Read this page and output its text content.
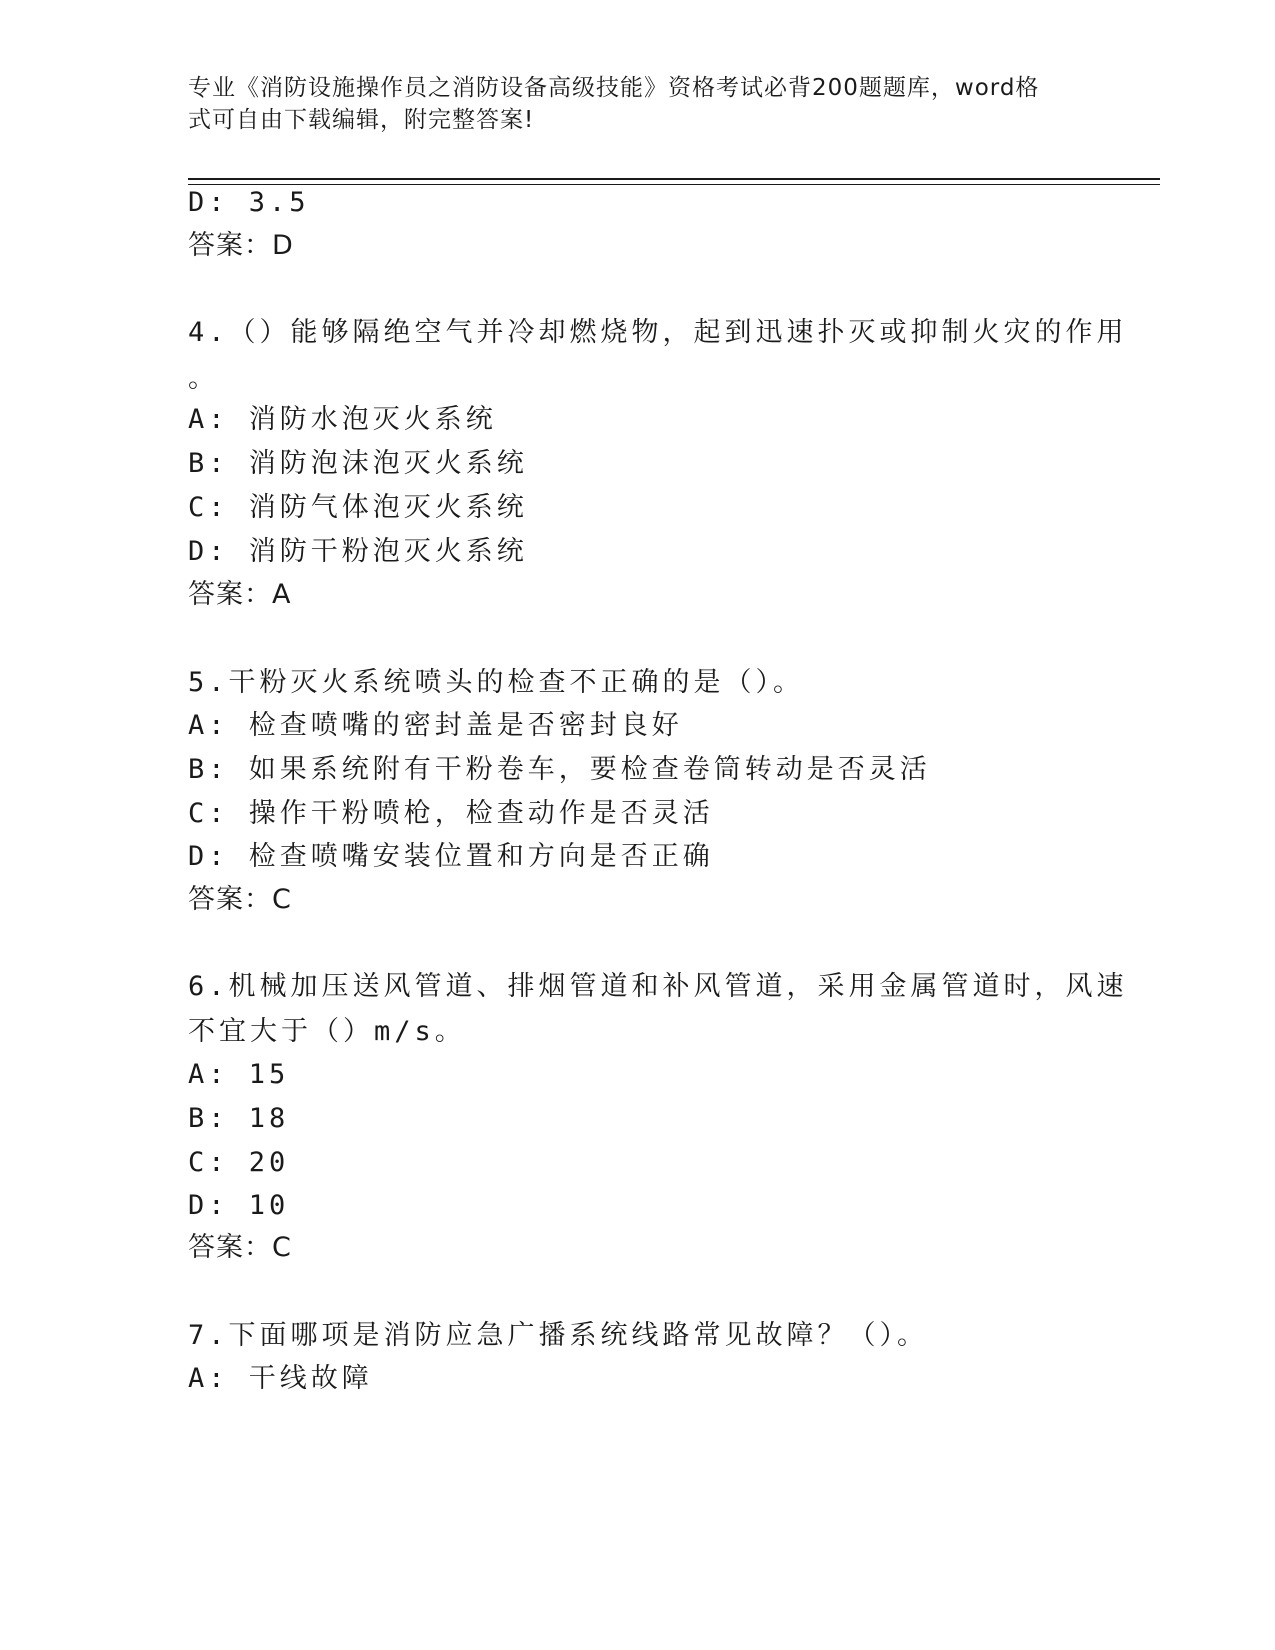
专业《消防设施操作员之消防设备高级技能》资格考试必背200题题库，word格
式可自由下载编辑，附完整答案!
D: 3.5
答案：D
4.（）能够隔绝空气并冷却燃烧物，起到迅速扑灭或抑制火灾的作用
。
A: 消防水泡灭火系统
B: 消防泡沫泡灭火系统
C: 消防气体泡灭火系统
D: 消防干粉泡灭火系统
答案：A
5.干粉灭火系统喷头的检查不正确的是（）。
A: 检查喷嘴的密封盖是否密封良好
B: 如果系统附有干粉卷车，要检查卷筒转动是否灵活
C: 操作干粉喷枪，检查动作是否灵活
D: 检查喷嘴安装位置和方向是否正确
答案：C
6.机械加压送风管道、排烟管道和补风管道，采用金属管道时，风速
不宜大于（）m/s。
A: 15
B: 18
C: 20
D: 10
答案：C
7.下面哪项是消防应急广播系统线路常见故障？（）。
A: 干线故障
